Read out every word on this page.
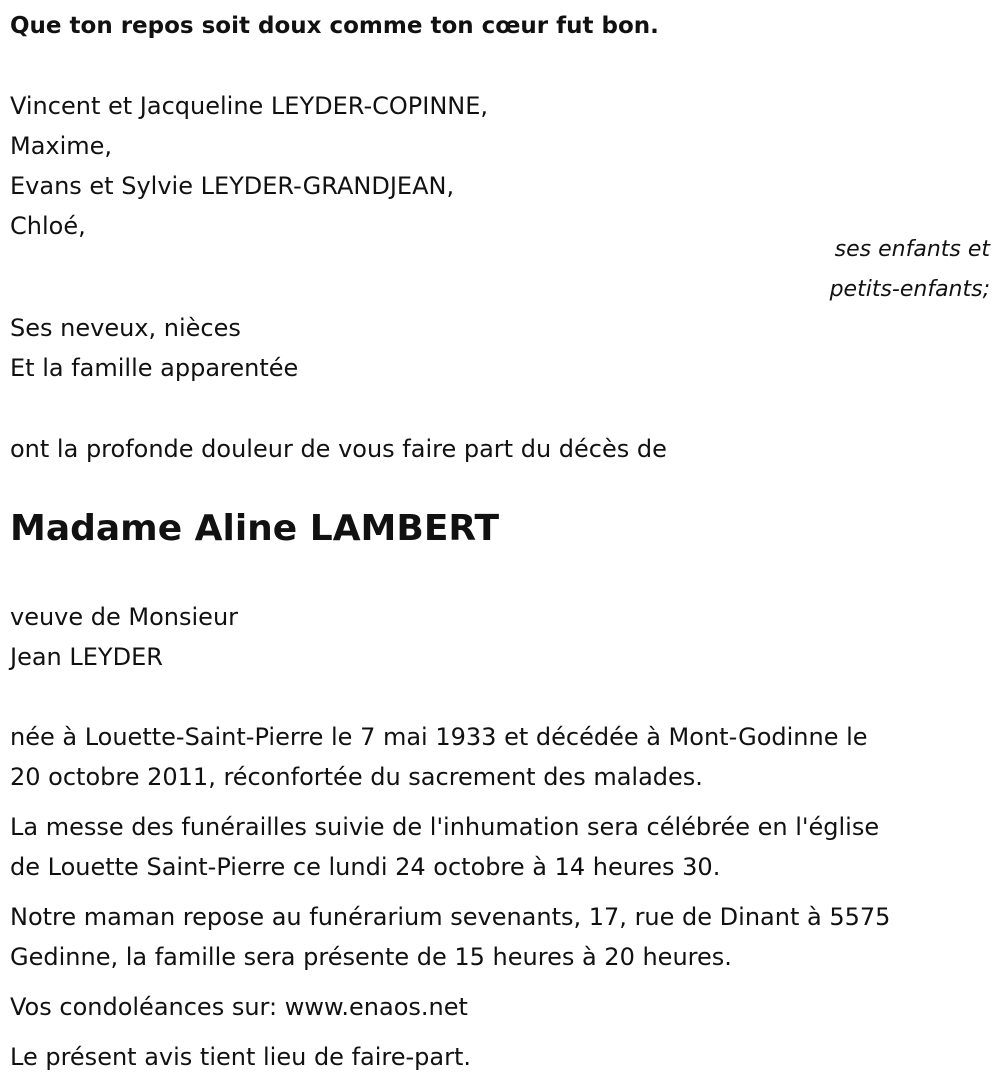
Que ton repos soit doux comme ton cœur fut bon.
Vincent et Jacqueline LEYDER-COPINNE,
Maxime,
Evans et Sylvie LEYDER-GRANDJEAN,
Chloé,
ses enfants et
petits-enfants;
Ses neveux, nièces
Et la famille apparentée
ont la profonde douleur de vous faire part du décès de
Madame Aline LAMBERT
veuve de Monsieur
Jean LEYDER
née à Louette-Saint-Pierre le 7 mai 1933 et décédée à Mont-Godinne le
20 octobre 2011, réconfortée du sacrement des malades.
La messe des funérailles suivie de l'inhumation sera célébrée en l'église
de Louette Saint-Pierre ce lundi 24 octobre à 14 heures 30.
Notre maman repose au funérarium sevenants, 17, rue de Dinant à 5575
Gedinne, la famille sera présente de 15 heures à 20 heures.
Vos condoléances sur: www.enaos.net
Le présent avis tient lieu de faire-part.
